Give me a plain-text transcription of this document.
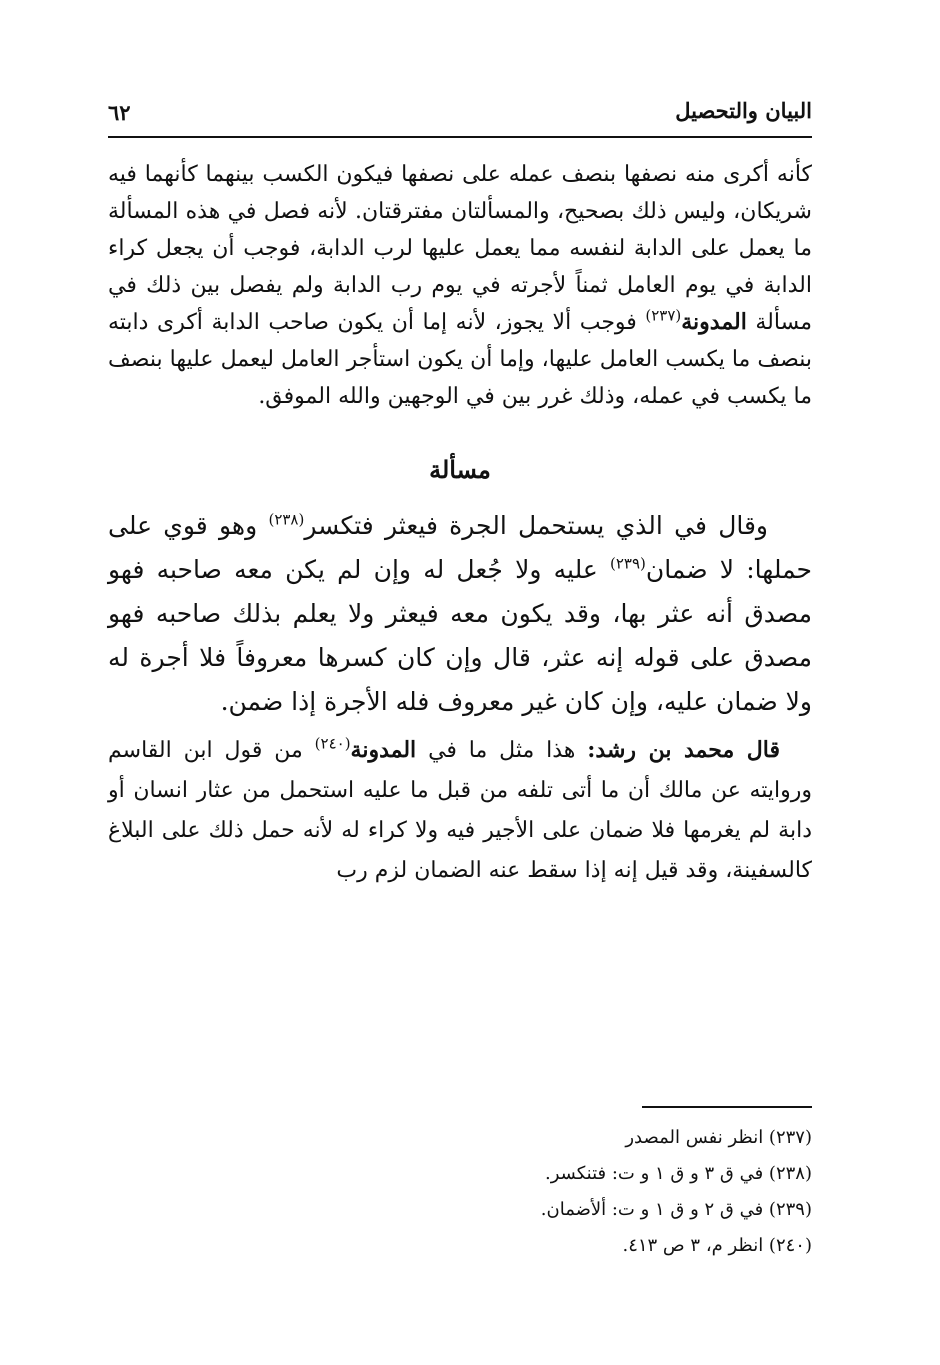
البيان والتحصيل
٦٢

كأنه أكرى منه نصفها بنصف عمله على نصفها فيكون الكسب بينهما كأنهما فيه شريكان، وليس ذلك بصحيح، والمسألتان مفترقتان. لأنه فصل في هذه المسألة ما يعمل على الدابة لنفسه مما يعمل عليها لرب الدابة، فوجب أن يجعل كراء الدابة في يوم العامل ثمناً لأجرته في يوم رب الدابة ولم يفصل بين ذلك في مسألة المدونة$^{(٢٣٧)}$ فوجب ألا يجوز، لأنه إما أن يكون صاحب الدابة أكرى دابته بنصف ما يكسب العامل عليها، وإما أن يكون استأجر العامل ليعمل عليها بنصف ما يكسب في عمله، وذلك غرر بين في الوجهين والله الموفق.

مسألة

وقال في الذي يستحمل الجرة فيعثر فتكسر$^{(٢٣٨)}$ وهو قوي على حملها: لا ضمان$^{(٢٣٩)}$ عليه ولا جُعل له وإن لم يكن معه صاحبه فهو مصدق أنه عثر بها، وقد يكون معه فيعثر ولا يعلم بذلك صاحبه فهو مصدق على قوله إنه عثر، قال وإن كان كسرها معروفاً فلا أجرة له ولا ضمان عليه، وإن كان غير معروف فله الأجرة إذا ضمن.

قال محمد بن رشد: هذا مثل ما في المدونة$^{(٢٤٠)}$ من قول ابن القاسم وروايته عن مالك أن ما أتى تلفه من قبل ما عليه استحمل من عثار انسان أو دابة لم يغرمها فلا ضمان على الأجير فيه ولا كراء له لأنه حمل ذلك على البلاغ كالسفينة، وقد قيل إنه إذا سقط عنه الضمان لزم رب

(٢٣٧) انظر نفس المصدر

(٢٣٨) في ق ٣ و ق ١ و ت: فتنكسر.

(٢٣٩) في ق ٢ و ق ١ و ت: ألأضمان.

(٢٤٠) انظر م، ٣ ص ٤١٣.
